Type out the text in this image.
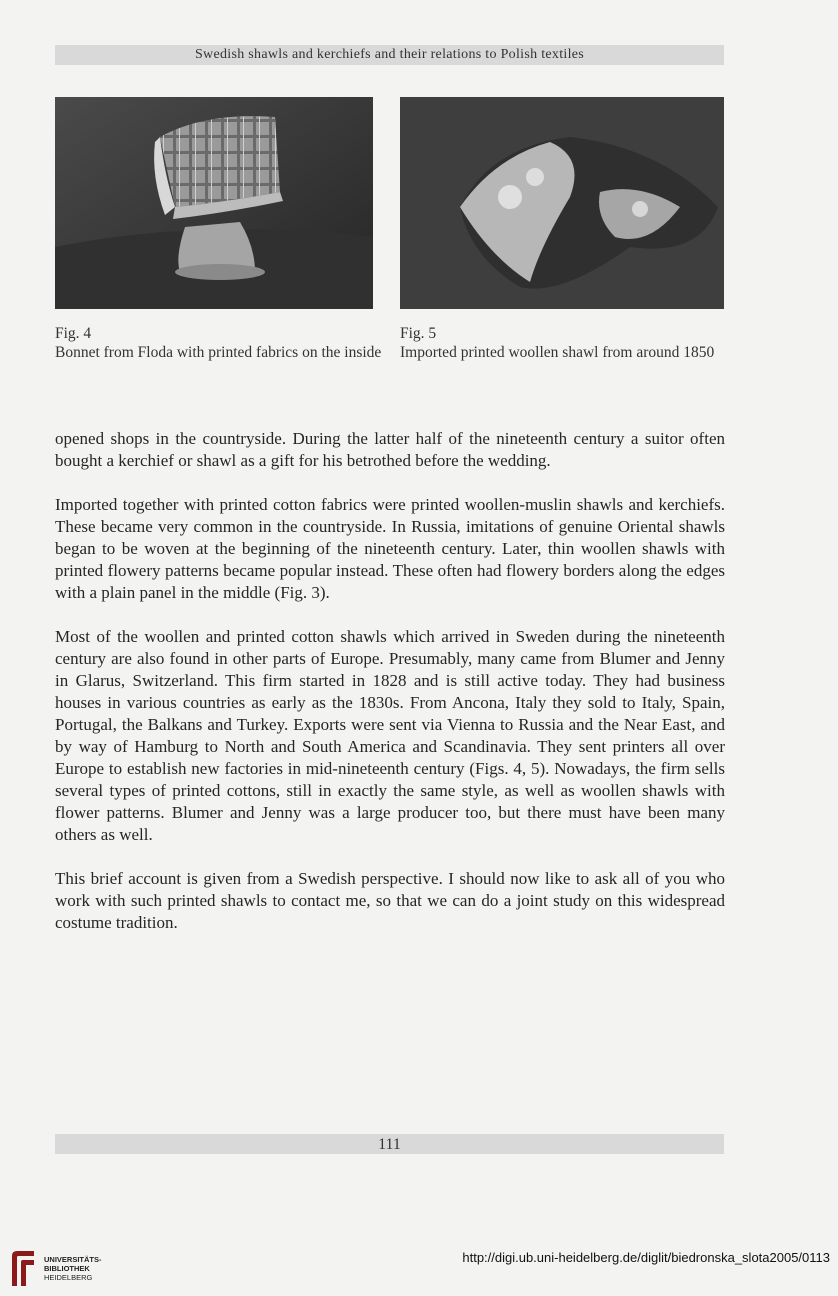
Swedish shawls and kerchiefs and their relations to Polish textiles
Fig. 4
Bonnet from Floda with printed fabrics on the inside
Fig. 5
Imported printed woollen shawl from around 1850

opened shops in the countryside. During the latter half of the nineteenth century a suitor often bought a kerchief or shawl as a gift for his betrothed before the wedding.

Imported together with printed cotton fabrics were printed woollen-muslin shawls and kerchiefs. These became very common in the countryside. In Russia, imitations of genuine Oriental shawls began to be woven at the beginning of the nineteenth century. Later, thin woollen shawls with printed flowery patterns became popular instead. These often had flowery borders along the edges with a plain panel in the middle (Fig. 3).

Most of the woollen and printed cotton shawls which arrived in Sweden during the nineteenth century are also found in other parts of Europe. Presumably, many came from Blumer and Jenny in Glarus, Switzerland. This firm started in 1828 and is still active today. They had business houses in various countries as early as the 1830s. From Ancona, Italy they sold to Italy, Spain, Portugal, the Balkans and Turkey. Exports were sent via Vienna to Russia and the Near East, and by way of Hamburg to North and South America and Scandinavia. They sent printers all over Europe to establish new factories in mid-nineteenth century (Figs. 4, 5). Nowadays, the firm sells several types of printed cottons, still in exactly the same style, as well as woollen shawls with flower patterns. Blumer and Jenny was a large producer too, but there must have been many others as well.

This brief account is given from a Swedish perspective. I should now like to ask all of you who work with such printed shawls to contact me, so that we can do a joint study on this widespread costume tradition.

111
UNIVERSITÄTS-
BIBLIOTHEK
HEIDELBERG
http://digi.ub.uni-heidelberg.de/diglit/biedronska_slota2005/0113
